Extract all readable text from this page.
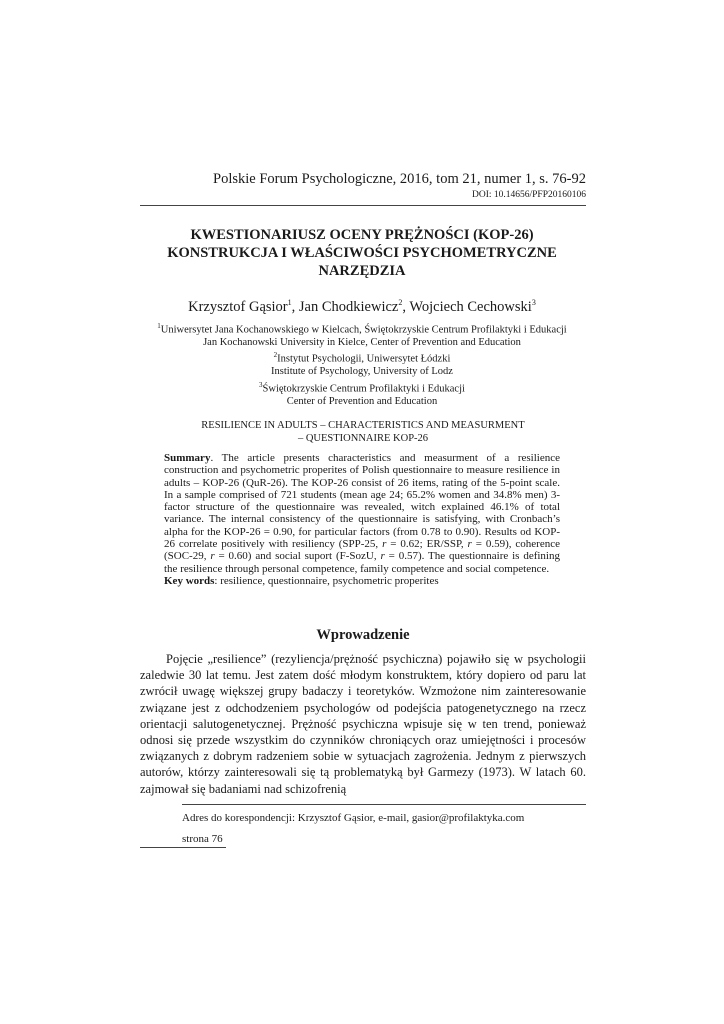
Polskie Forum Psychologiczne, 2016, tom 21, numer 1, s. 76-92
DOI: 10.14656/PFP20160106
KWESTIONARIUSZ OCENY PRĘŻNOŚCI (KOP-26)
KONSTRUKCJA I WŁAŚCIWOŚCI PSYCHOMETRYCZNE
NARZĘDZIA
Krzysztof Gąsior$^1$, Jan Chodkiewicz$^2$, Wojciech Cechowski$^3$
$^1$Uniwersytet Jana Kochanowskiego w Kielcach, Świętokrzyskie Centrum Profilaktyki i Edukacji
Jan Kochanowski University in Kielce, Center of Prevention and Education
$^2$Instytut Psychologii, Uniwersytet Łódzki
Institute of Psychology, University of Lodz
$^3$Świętokrzyskie Centrum Profilaktyki i Edukacji
Center of Prevention and Education
RESILIENCE IN ADULTS – CHARACTERISTICS AND MEASURMENT
– QUESTIONNAIRE KOP-26
Summary. The article presents characteristics and measurment of a resilience construction and psychometric properites of Polish questionnaire to measure resilience in adults – KOP-26 (QuR-26). The KOP-26 consist of 26 items, rating of the 5-point scale. In a sample comprised of 721 students (mean age 24; 65.2% women and 34.8% men) 3-factor structure of the questionnaire was revealed, witch explained 46.1% of total variance. The internal consistency of the questionnaire is satisfying, with Cronbach’s alpha for the KOP-26 = 0.90, for particular factors (from 0.78 to 0.90). Results od KOP-26 correlate positively with resiliency (SPP-25, r = 0.62; ER/SSP, r = 0.59), coherence (SOC-29, r = 0.60) and social suport (F-SozU, r = 0.57). The questionnaire is defining the resilience through personal competence, family competence and social competence.
Key words: resilience, questionnaire, psychometric properites
Wprowadzenie
Pojęcie „resilience” (rezyliencja/prężność psychiczna) pojawiło się w psychologii zaledwie 30 lat temu. Jest zatem dość młodym konstruktem, który dopiero od paru lat zwrócił uwagę większej grupy badaczy i teoretyków. Wzmożone nim zainteresowanie związane jest z odchodzeniem psychologów od podejścia patogenetycznego na rzecz orientacji salutogenetycznej. Prężność psychiczna wpisuje się w ten trend, ponieważ odnosi się przede wszystkim do czynników chroniących oraz umiejętności i procesów związanych z dobrym radzeniem sobie w sytuacjach zagrożenia. Jednym z pierwszych autorów, którzy zainteresowali się tą problematyką był Garmezy (1973). W latach 60. zajmował się badaniami nad schizofrenią
Adres do korespondencji: Krzysztof Gąsior, e-mail, gasior@profilaktyka.com
strona 76
